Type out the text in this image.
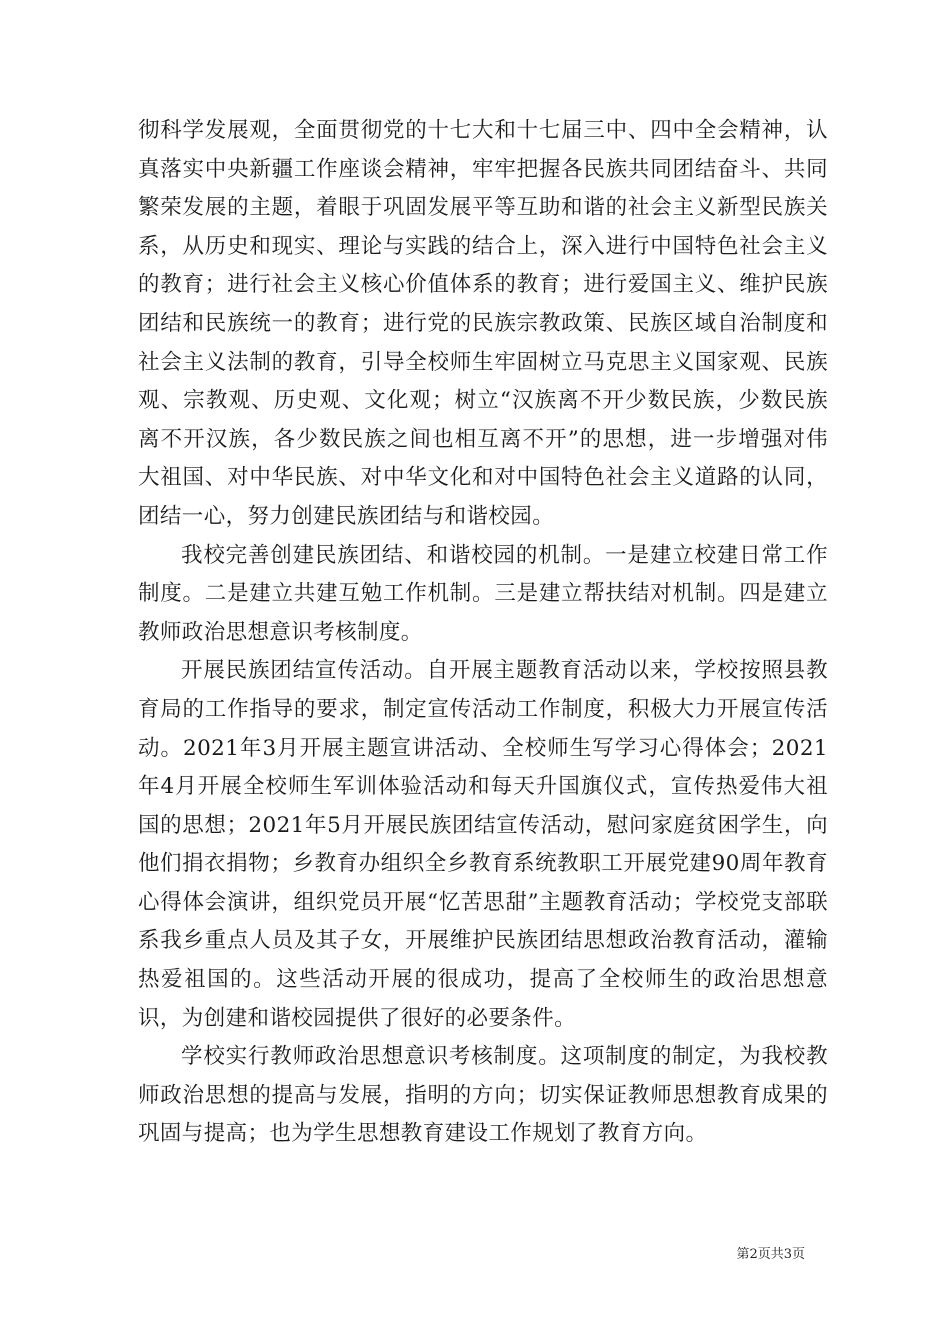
彻科学发展观，全面贯彻党的十七大和十七届三中、四中全会精神，认真落实中央新疆工作座谈会精神，牢牢把握各民族共同团结奋斗、共同繁荣发展的主题，着眼于巩固发展平等互助和谐的社会主义新型民族关系，从历史和现实、理论与实践的结合上，深入进行中国特色社会主义的教育；进行社会主义核心价值体系的教育；进行爱国主义、维护民族团结和民族统一的教育；进行党的民族宗教政策、民族区域自治制度和社会主义法制的教育，引导全校师生牢固树立马克思主义国家观、民族观、宗教观、历史观、文化观；树立“汉族离不开少数民族，少数民族离不开汉族，各少数民族之间也相互离不开”的思想，进一步增强对伟大祖国、对中华民族、对中华文化和对中国特色社会主义道路的认同，团结一心，努力创建民族团结与和谐校园。

我校完善创建民族团结、和谐校园的机制。一是建立校建日常工作制度。二是建立共建互勉工作机制。三是建立帮扶结对机制。四是建立教师政治思想意识考核制度。

开展民族团结宣传活动。自开展主题教育活动以来，学校按照县教育局的工作指导的要求，制定宣传活动工作制度，积极大力开展宣传活动。2021年3月开展主题宣讲活动、全校师生写学习心得体会；2021年4月开展全校师生军训体验活动和每天升国旗仪式，宣传热爱伟大祖国的思想；2021年5月开展民族团结宣传活动，慰问家庭贫困学生，向他们捐衣捐物；乡教育办组织全乡教育系统教职工开展党建90周年教育心得体会演讲，组织党员开展“忆苦思甜”主题教育活动；学校党支部联系我乡重点人员及其子女，开展维护民族团结思想政治教育活动，灌输热爱祖国的。这些活动开展的很成功，提高了全校师生的政治思想意识，为创建和谐校园提供了很好的必要条件。

学校实行教师政治思想意识考核制度。这项制度的制定，为我校教师政治思想的提高与发展，指明的方向；切实保证教师思想教育成果的巩固与提高；也为学生思想教育建设工作规划了教育方向。

第2页共3页
